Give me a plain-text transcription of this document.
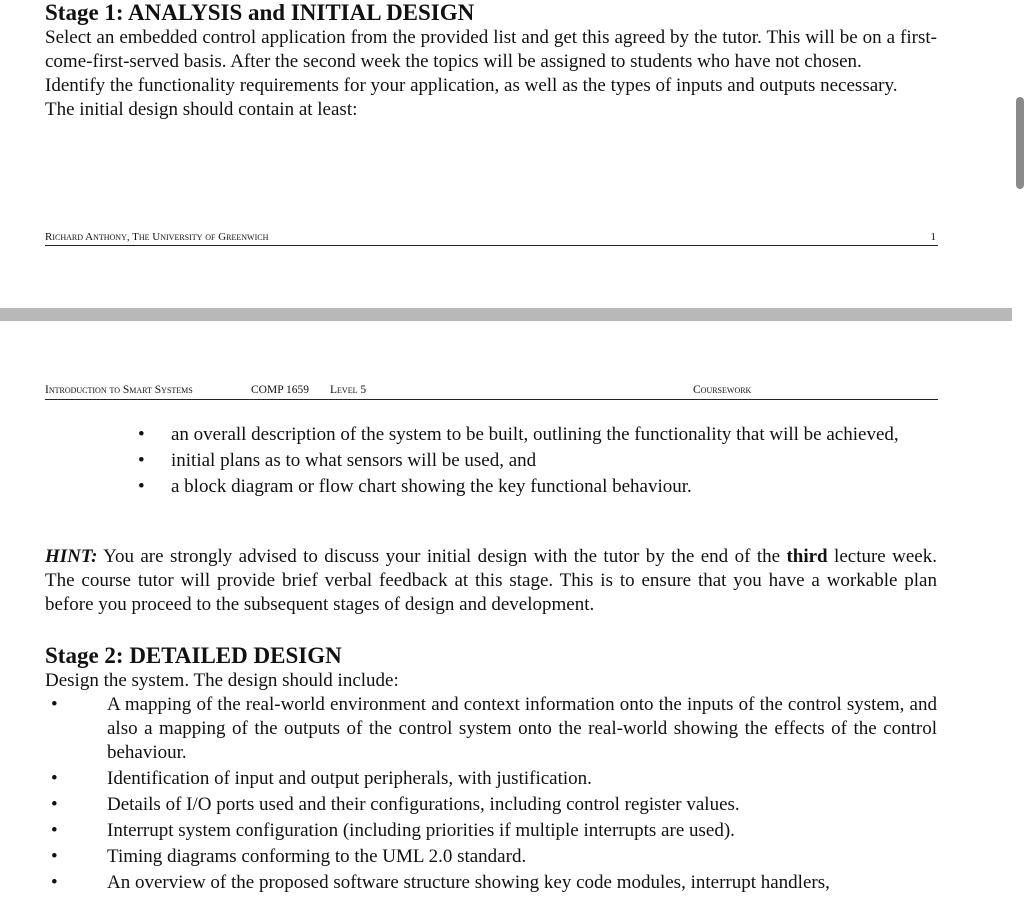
Stage 1: ANALYSIS and INITIAL DESIGN

Select an embedded control application from the provided list and get this agreed by the tutor. This will be on a first-come-first-served basis. After the second week the topics will be assigned to students who have not chosen.

Identify the functionality requirements for your application, as well as the types of inputs and outputs necessary.

The initial design should contain at least:

Richard Anthony, The University of Greenwich	1
Introduction to Smart Systems	COMP 1659 Level 5	Coursework
• an overall description of the system to be built, outlining the functionality that will be achieved,
• initial plans as to what sensors will be used, and
• a block diagram or flow chart showing the key functional behaviour.

HINT: You are strongly advised to discuss your initial design with the tutor by the end of the third lecture week. The course tutor will provide brief verbal feedback at this stage. This is to ensure that you have a workable plan before you proceed to the subsequent stages of design and development.

Stage 2: DETAILED DESIGN

Design the system. The design should include:

•	A mapping of the real-world environment and context information onto the inputs of the control system, and also a mapping of the outputs of the control system onto the real-world showing the effects of the control behaviour.
•	Identification of input and output peripherals, with justification.
•	Details of I/O ports used and their configurations, including control register values.
•	Interrupt system configuration (including priorities if multiple interrupts are used).
•	Timing diagrams conforming to the UML 2.0 standard.
•	An overview of the proposed software structure showing key code modules, interrupt handlers,
